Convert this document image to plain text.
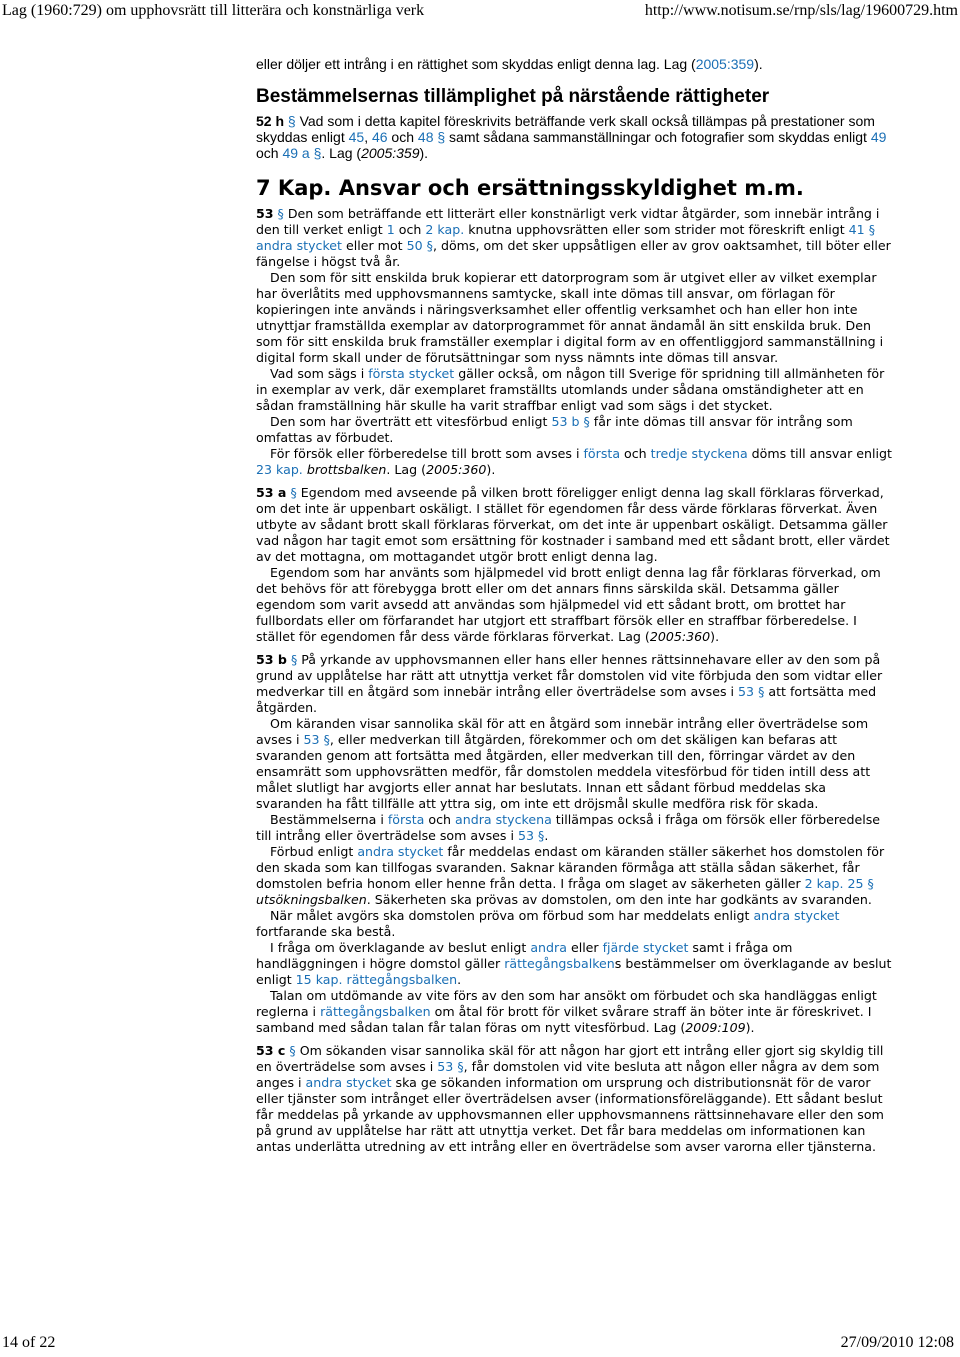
Lag (1960:729) om upphovsrätt till litterära och konstnärliga verk	http://www.notisum.se/rnp/sls/lag/19600729.htm

eller döljer ett intrång i en rättighet som skyddas enligt denna lag. Lag (2005:359).

Bestämmelsernas tillämplighet på närstående rättigheter

52 h § Vad som i detta kapitel föreskrivits beträffande verk skall också tillämpas på prestationer som skyddas enligt 45, 46 och 48 § samt sådana sammanställningar och fotografier som skyddas enligt 49 och 49 a §. Lag (2005:359).

7 Kap. Ansvar och ersättningsskyldighet m.m.

53 § Den som beträffande ett litterärt eller konstnärligt verk vidtar åtgärder, som innebär intrång i den till verket enligt 1 och 2 kap. knutna upphovsrätten eller som strider mot föreskrift enligt 41 § andra stycket eller mot 50 §, döms, om det sker uppsåtligen eller av grov oaktsamhet, till böter eller fängelse i högst två år.

Den som för sitt enskilda bruk kopierar ett datorprogram som är utgivet eller av vilket exemplar har överlåtits med upphovsmannens samtycke, skall inte dömas till ansvar, om förlagan för kopieringen inte används i näringsverksamhet eller offentlig verksamhet och han eller hon inte utnyttjar framställda exemplar av datorprogrammet för annat ändamål än sitt enskilda bruk. Den som för sitt enskilda bruk framställer exemplar i digital form av en offentliggjord sammanställning i digital form skall under de förutsättningar som nyss nämnts inte dömas till ansvar.

Vad som sägs i första stycket gäller också, om någon till Sverige för spridning till allmänheten för in exemplar av verk, där exemplaret framställts utomlands under sådana omständigheter att en sådan framställning här skulle ha varit straffbar enligt vad som sägs i det stycket.

Den som har överträtt ett vitesförbud enligt 53 b § får inte dömas till ansvar för intrång som omfattas av förbudet.

För försök eller förberedelse till brott som avses i första och tredje styckena döms till ansvar enligt 23 kap. brottsbalken. Lag (2005:360).

53 a § Egendom med avseende på vilken brott föreligger enligt denna lag skall förklaras förverkad, om det inte är uppenbart oskäligt. I stället för egendomen får dess värde förklaras förverkat. Även utbyte av sådant brott skall förklaras förverkat, om det inte är uppenbart oskäligt. Detsamma gäller vad någon har tagit emot som ersättning för kostnader i samband med ett sådant brott, eller värdet av det mottagna, om mottagandet utgör brott enligt denna lag.

Egendom som har använts som hjälpmedel vid brott enligt denna lag får förklaras förverkad, om det behövs för att förebygga brott eller om det annars finns särskilda skäl. Detsamma gäller egendom som varit avsedd att användas som hjälpmedel vid ett sådant brott, om brottet har fullbordats eller om förfarandet har utgjort ett straffbart försök eller en straffbar förberedelse. I stället för egendomen får dess värde förklaras förverkat. Lag (2005:360).

53 b § På yrkande av upphovsmannen eller hans eller hennes rättsinnehavare eller av den som på grund av upplåtelse har rätt att utnyttja verket får domstolen vid vite förbjuda den som vidtar eller medverkar till en åtgärd som innebär intrång eller överträdelse som avses i 53 § att fortsätta med åtgärden.

Om käranden visar sannolika skäl för att en åtgärd som innebär intrång eller överträdelse som avses i 53 §, eller medverkan till åtgärden, förekommer och om det skäligen kan befaras att svaranden genom att fortsätta med åtgärden, eller medverkan till den, förringar värdet av den ensamrätt som upphovsrätten medför, får domstolen meddela vitesförbud för tiden intill dess att målet slutligt har avgjorts eller annat har beslutats. Innan ett sådant förbud meddelas ska svaranden ha fått tillfälle att yttra sig, om inte ett dröjsmål skulle medföra risk för skada.

Bestämmelserna i första och andra styckena tillämpas också i fråga om försök eller förberedelse till intrång eller överträdelse som avses i 53 §.

Förbud enligt andra stycket får meddelas endast om käranden ställer säkerhet hos domstolen för den skada som kan tillfogas svaranden. Saknar käranden förmåga att ställa sådan säkerhet, får domstolen befria honom eller henne från detta. I fråga om slaget av säkerheten gäller 2 kap. 25 § utsökningsbalken. Säkerheten ska prövas av domstolen, om den inte har godkänts av svaranden.

När målet avgörs ska domstolen pröva om förbud som har meddelats enligt andra stycket fortfarande ska bestå.

I fråga om överklagande av beslut enligt andra eller fjärde stycket samt i fråga om handläggningen i högre domstol gäller rättegångsbalkens bestämmelser om överklagande av beslut enligt 15 kap. rättegångsbalken.

Talan om utdömande av vite förs av den som har ansökt om förbudet och ska handläggas enligt reglerna i rättegångsbalken om åtal för brott för vilket svårare straff än böter inte är föreskrivet. I samband med sådan talan får talan föras om nytt vitesförbud. Lag (2009:109).

53 c § Om sökanden visar sannolika skäl för att någon har gjort ett intrång eller gjort sig skyldig till en överträdelse som avses i 53 §, får domstolen vid vite besluta att någon eller några av dem som anges i andra stycket ska ge sökanden information om ursprung och distributionsnät för de varor eller tjänster som intrånget eller överträdelsen avser (informationsföreläggande). Ett sådant beslut får meddelas på yrkande av upphovsmannen eller upphovsmannens rättsinnehavare eller den som på grund av upplåtelse har rätt att utnyttja verket. Det får bara meddelas om informationen kan antas underlätta utredning av ett intrång eller en överträdelse som avser varorna eller tjänsterna.

14 of 22	27/09/2010 12:08
